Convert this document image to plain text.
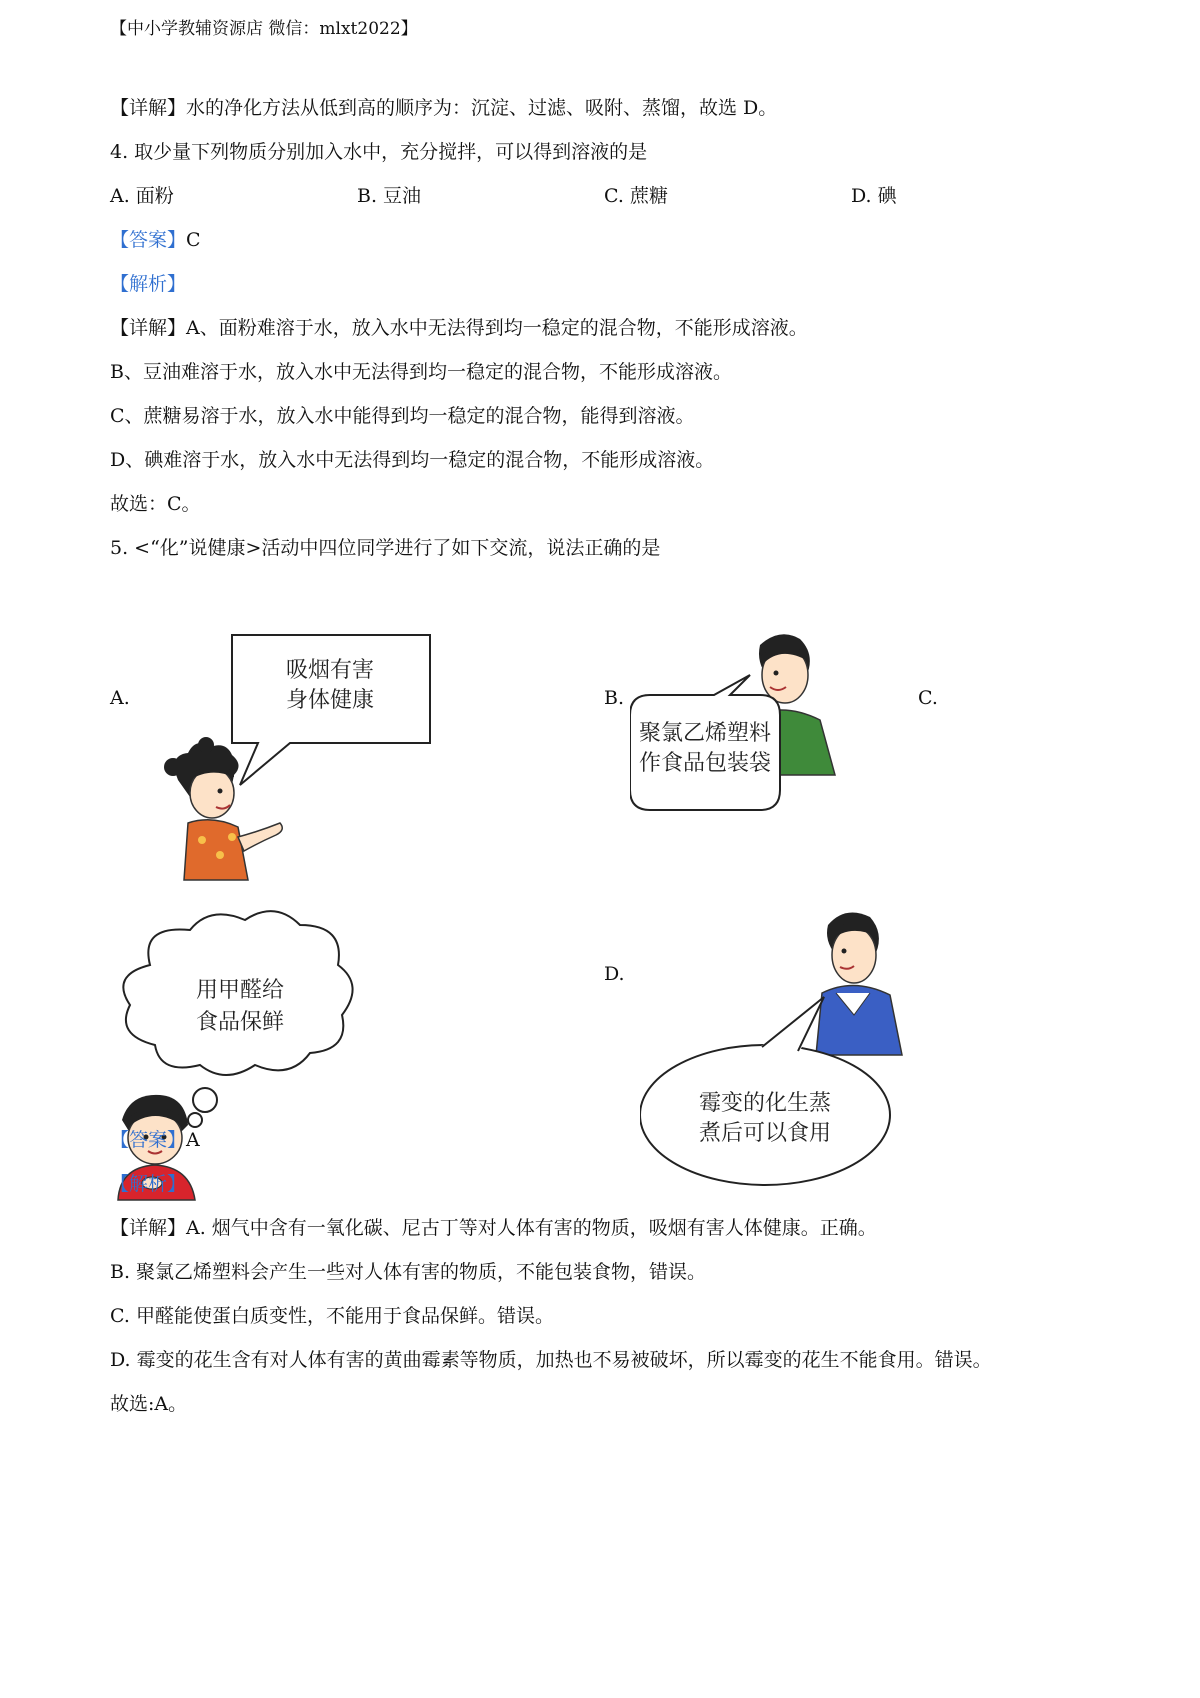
【中小学教辅资源店 微信：mlxt2022】
【详解】水的净化方法从低到高的顺序为：沉淀、过滤、吸附、蒸馏，故选 D。
4. 取少量下列物质分别加入水中，充分搅拌，可以得到溶液的是
A. 面粉	B. 豆油	C. 蔗糖	D. 碘
【答案】C
【解析】
【详解】A、面粉难溶于水，放入水中无法得到均一稳定的混合物，不能形成溶液。
B、豆油难溶于水，放入水中无法得到均一稳定的混合物，不能形成溶液。
C、蔗糖易溶于水，放入水中能得到均一稳定的混合物，能得到溶液。
D、碘难溶于水，放入水中无法得到均一稳定的混合物，不能形成溶液。
故选：C。
5. <“化”说健康>活动中四位同学进行了如下交流，说法正确的是
A.	B.	C.
D.
吸烟有害
身体健康
聚氯乙烯塑料
作食品包装袋
用甲醛给
食品保鲜
霉变的化生蒸
煮后可以食用
【答案】A
【解析】
【详解】A. 烟气中含有一氧化碳、尼古丁等对人体有害的物质，吸烟有害人体健康。正确。
B. 聚氯乙烯塑料会产生一些对人体有害的物质，不能包装食物，错误。
C. 甲醛能使蛋白质变性，不能用于食品保鲜。错误。
D. 霉变的花生含有对人体有害的黄曲霉素等物质，加热也不易被破坏，所以霉变的花生不能食用。错误。
故选:A。
